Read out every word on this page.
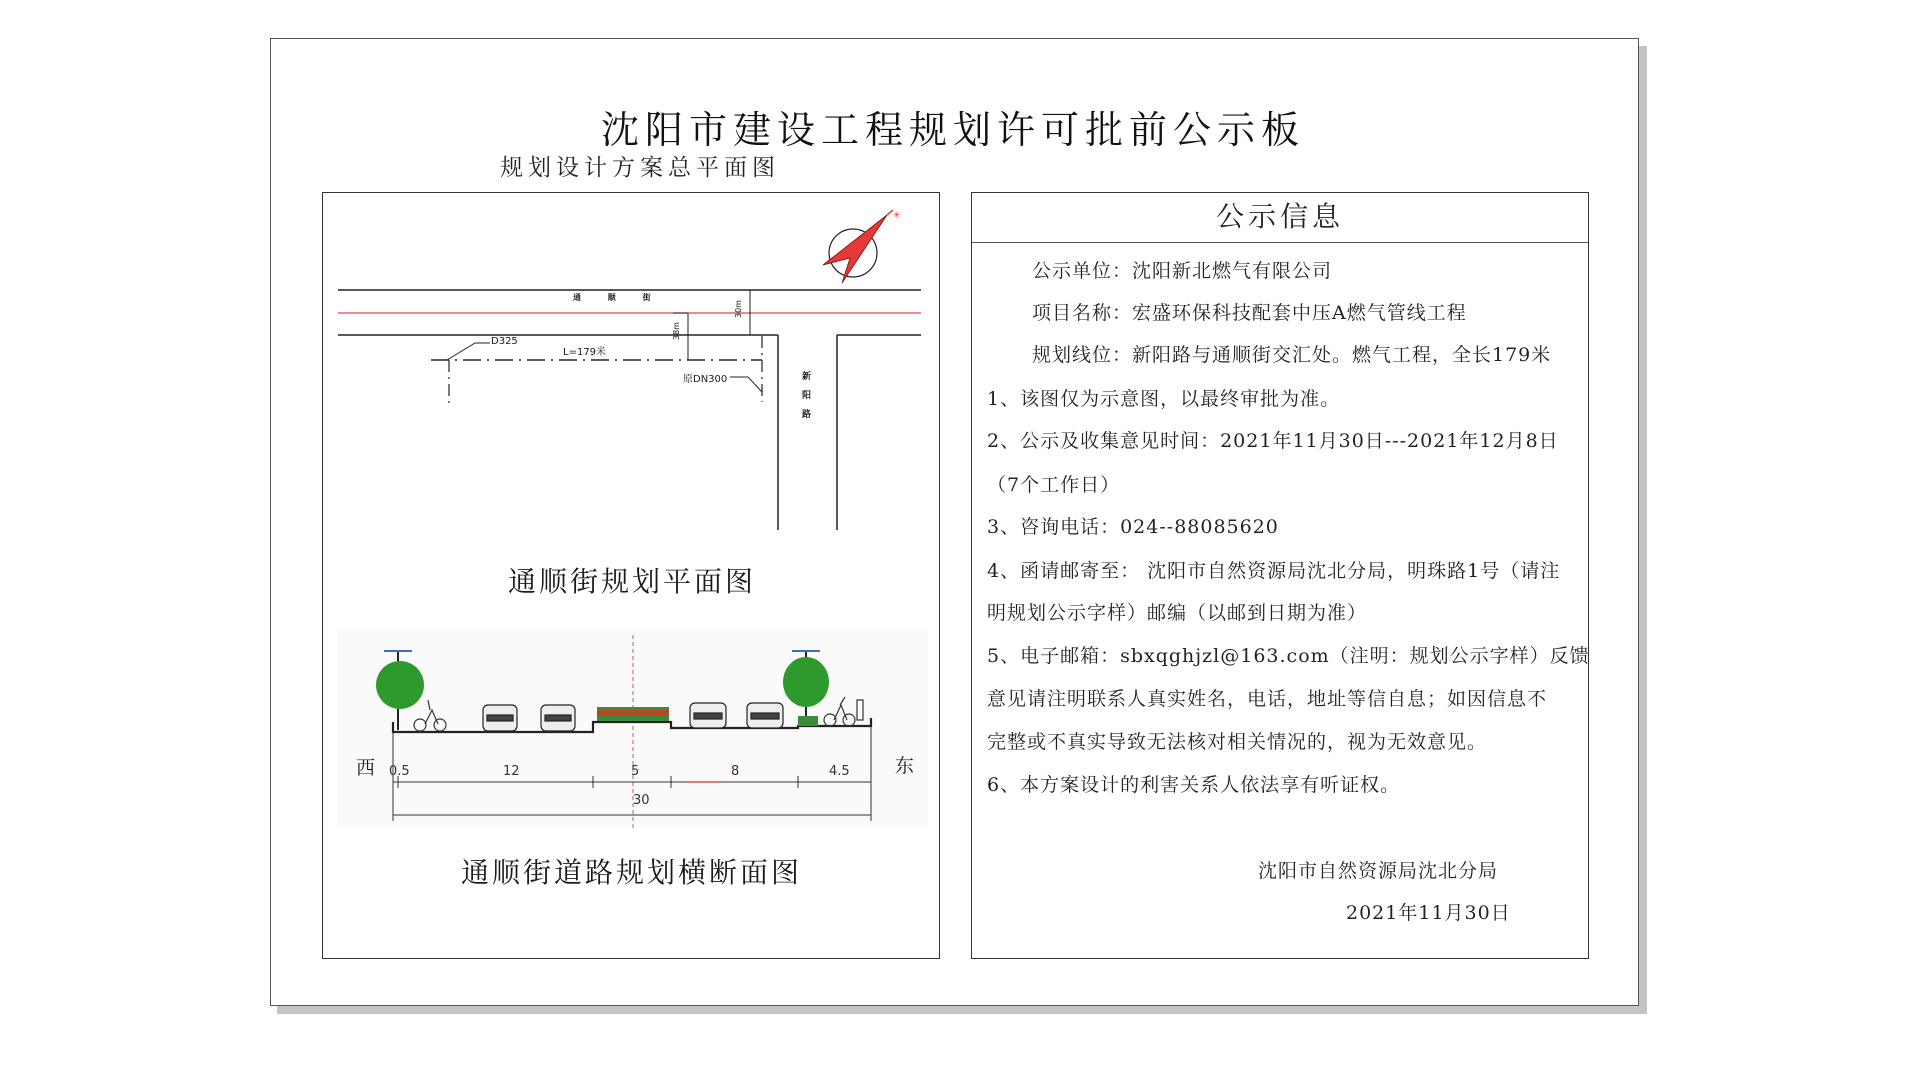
沈阳市建设工程规划许可批前公示板
规划设计方案总平面图
✳
通 顺 街
新
阳
路
D325
L=179米
38m
30m
原DN300
通顺街规划平面图
西	东
0.5	12	5	8	4.5
30
通顺街道路规划横断面图
公示信息
公示单位：沈阳新北燃气有限公司
项目名称：宏盛环保科技配套中压A燃气管线工程
规划线位：新阳路与通顺街交汇处。燃气工程，全长179米
1、该图仅为示意图，以最终审批为准。
2、公示及收集意见时间：2021年11月30日---2021年12月8日
（7个工作日）
3、咨询电话：024--88085620
4、函请邮寄至： 沈阳市自然资源局沈北分局，明珠路1号（请注
明规划公示字样）邮编（以邮到日期为准）
5、电子邮箱：sbxqghjzl@163.com（注明：规划公示字样）反馈
意见请注明联系人真实姓名，电话，地址等信自息；如因信息不
完整或不真实导致无法核对相关情况的，视为无效意见。
6、本方案设计的利害关系人依法享有听证权。
沈阳市自然资源局沈北分局
2021年11月30日
